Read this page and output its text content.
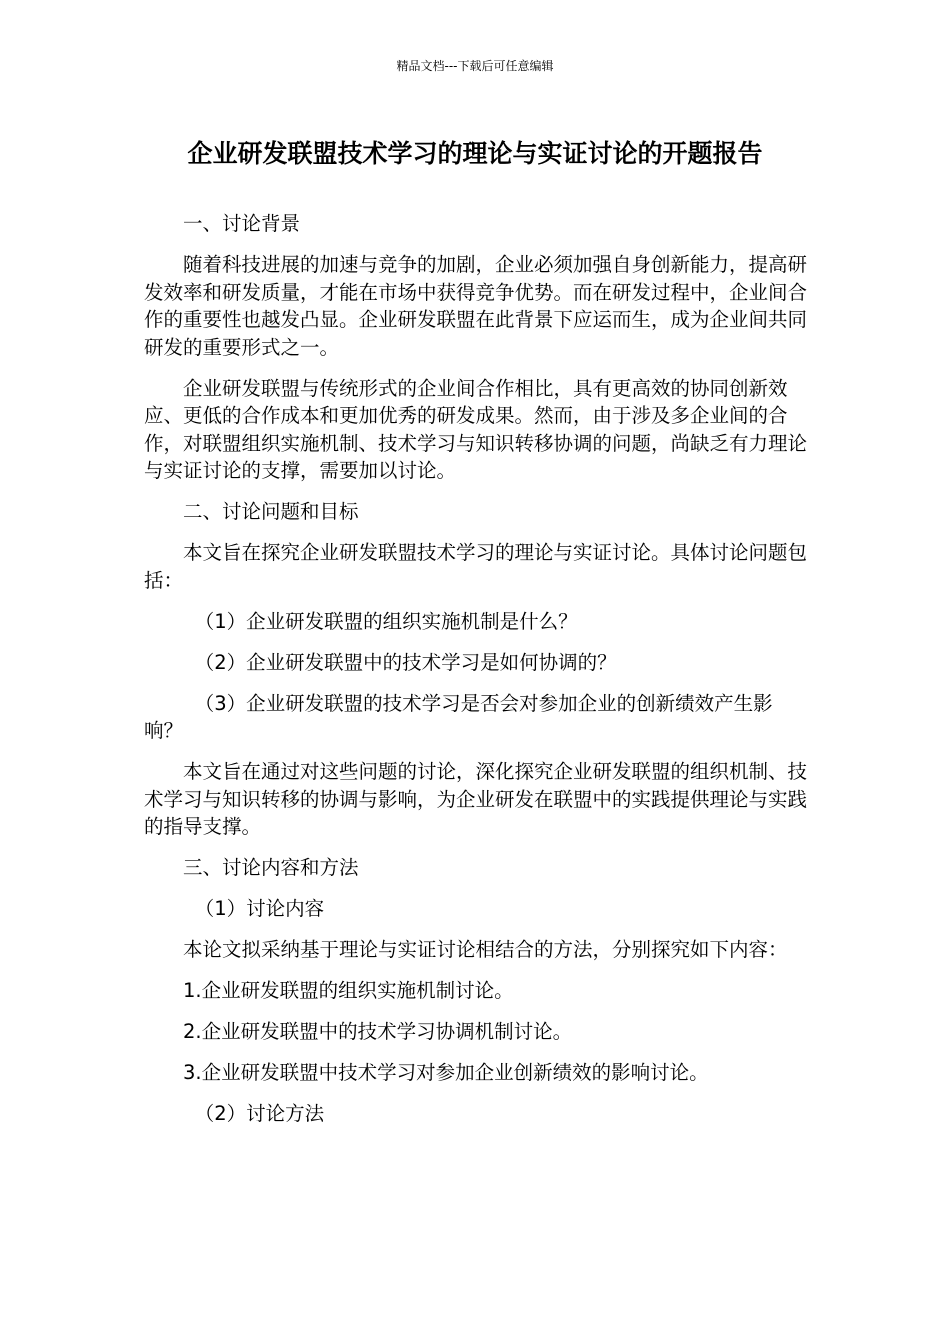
精品文档---下载后可任意编辑
企业研发联盟技术学习的理论与实证讨论的开题报告

一、讨论背景

随着科技进展的加速与竞争的加剧，企业必须加强自身创新能力，提高研发效率和研发质量，才能在市场中获得竞争优势。而在研发过程中，企业间合作的重要性也越发凸显。企业研发联盟在此背景下应运而生，成为企业间共同研发的重要形式之一。

企业研发联盟与传统形式的企业间合作相比，具有更高效的协同创新效应、更低的合作成本和更加优秀的研发成果。然而，由于涉及多企业间的合作，对联盟组织实施机制、技术学习与知识转移协调的问题，尚缺乏有力理论与实证讨论的支撑，需要加以讨论。

二、讨论问题和目标

本文旨在探究企业研发联盟技术学习的理论与实证讨论。具体讨论问题包括：

（1）企业研发联盟的组织实施机制是什么？

（2）企业研发联盟中的技术学习是如何协调的？

（3）企业研发联盟的技术学习是否会对参加企业的创新绩效产生影响？

本文旨在通过对这些问题的讨论，深化探究企业研发联盟的组织机制、技术学习与知识转移的协调与影响，为企业研发在联盟中的实践提供理论与实践的指导支撑。

三、讨论内容和方法

（1）讨论内容

本论文拟采纳基于理论与实证讨论相结合的方法，分别探究如下内容：

1.企业研发联盟的组织实施机制讨论。

2.企业研发联盟中的技术学习协调机制讨论。

3.企业研发联盟中技术学习对参加企业创新绩效的影响讨论。

（2）讨论方法
